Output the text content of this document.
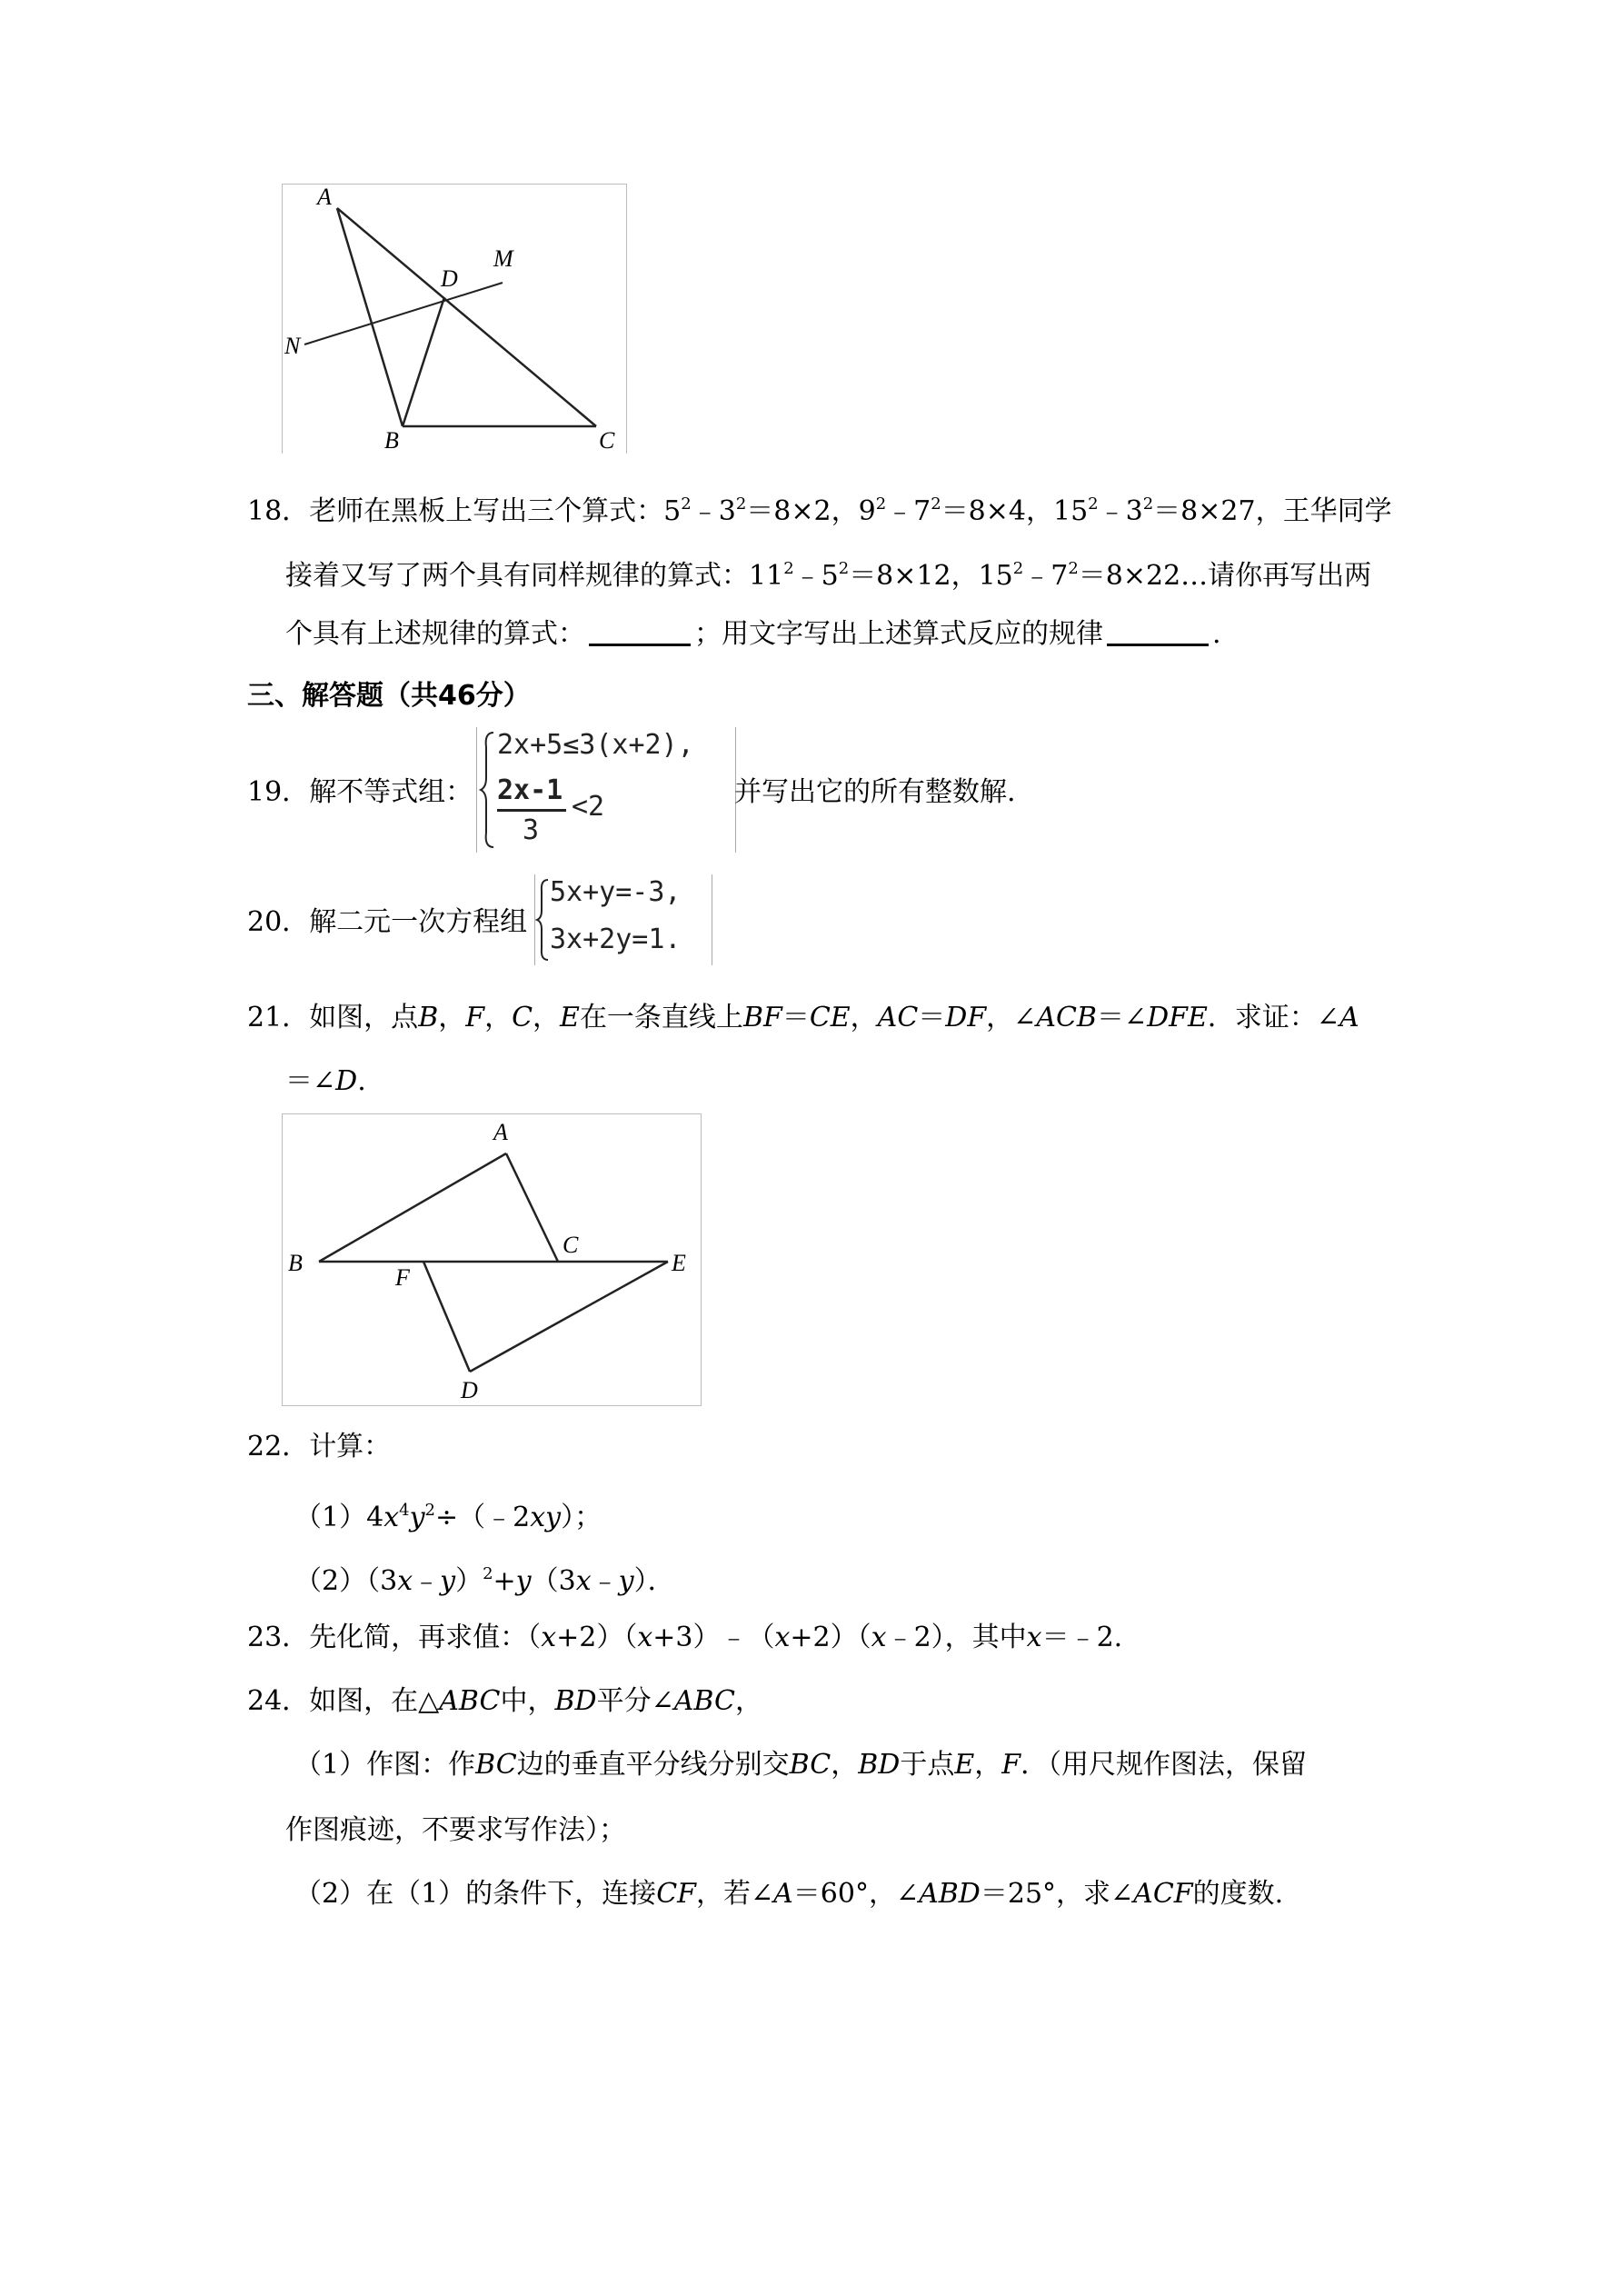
A
D
M
N
B	C
18．老师在黑板上写出三个算式：$5^2﹣3^2=8\times 2$，$9^2﹣7^2=8\times 4$，$15^2﹣3^2=8\times 27$，王华同学
接着又写了两个具有同样规律的算式：$11^2﹣5^2=8\times 12$，$15^2﹣7^2=8\times 22\dots$请你再写出两
个具有上述规律的算式：	；用文字写出上述算式反应的规律	.
三、解答题（共46分）
19．解不等式组：
2x+5≤3(x+2),
2x-1
3
<2	并写出它的所有整数解.
20．解二元一次方程组
5x+y=-3,
3x+2y=1.
21．如图，点B，F，C，E在一条直线上BF＝CE，AC＝DF，∠ACB＝∠DFE．求证：∠A
＝∠D.
A
B
C
E
F
D
22．计算：
$(1)4x^4y^2\div(﹣2xy)$；
（2）（3x﹣y）$^2$+y（3x﹣y）．
23．先化简，再求值：（x+2）（x+3）﹣（x+2）（x﹣2），其中x＝﹣2.
24．如图，在△ABC中，BD平分∠ABC，
（1）作图：作BC边的垂直平分线分别交BC，BD于点E，F．（用尺规作图法，保留
作图痕迹，不要求写作法）；
（2）在（1）的条件下，连接CF，若∠A＝60°，∠ABD＝25°，求∠ACF的度数.
